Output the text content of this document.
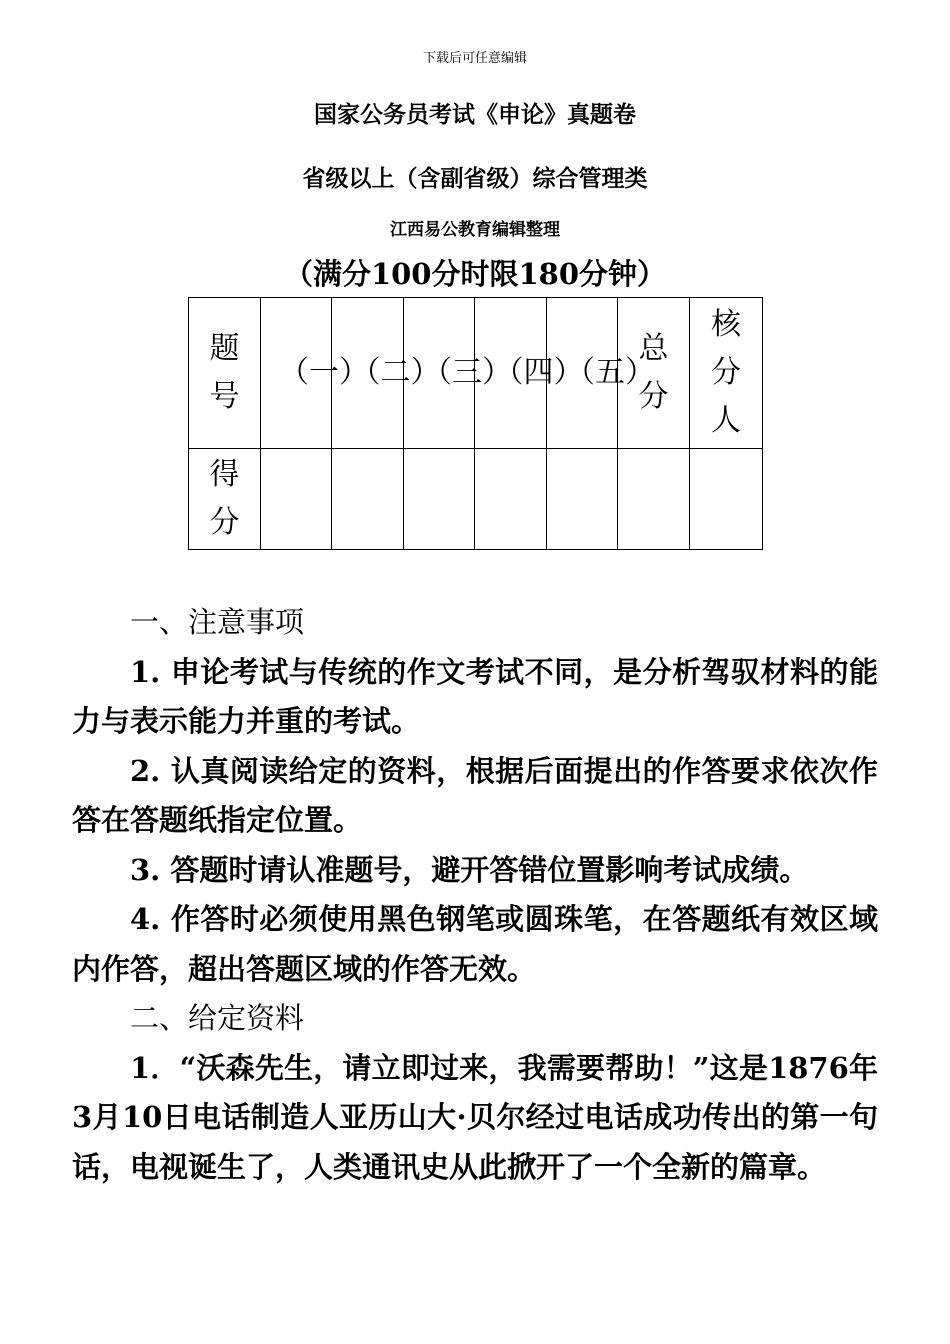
下载后可任意编辑
国家公务员考试《申论》真题卷
省级以上（含副省级）综合管理类
江西易公教育编辑整理
（满分100分时限180分钟）
题号	（一）	（二）	（三）	（四）	（五）	总分	核分人
得分							

一、注意事项

1. 申论考试与传统的作文考试不同，是分析驾驭材料的能力与表示能力并重的考试。

2. 认真阅读给定的资料，根据后面提出的作答要求依次作答在答题纸指定位置。

3. 答题时请认准题号，避开答错位置影响考试成绩。

4. 作答时必须使用黑色钢笔或圆珠笔，在答题纸有效区域内作答，超出答题区域的作答无效。

二、给定资料

1．“沃森先生，请立即过来，我需要帮助！”这是1876年3月10日电话制造人亚历山大·贝尔经过电话成功传出的第一句话，电视诞生了，人类通讯史从此掀开了一个全新的篇章。
